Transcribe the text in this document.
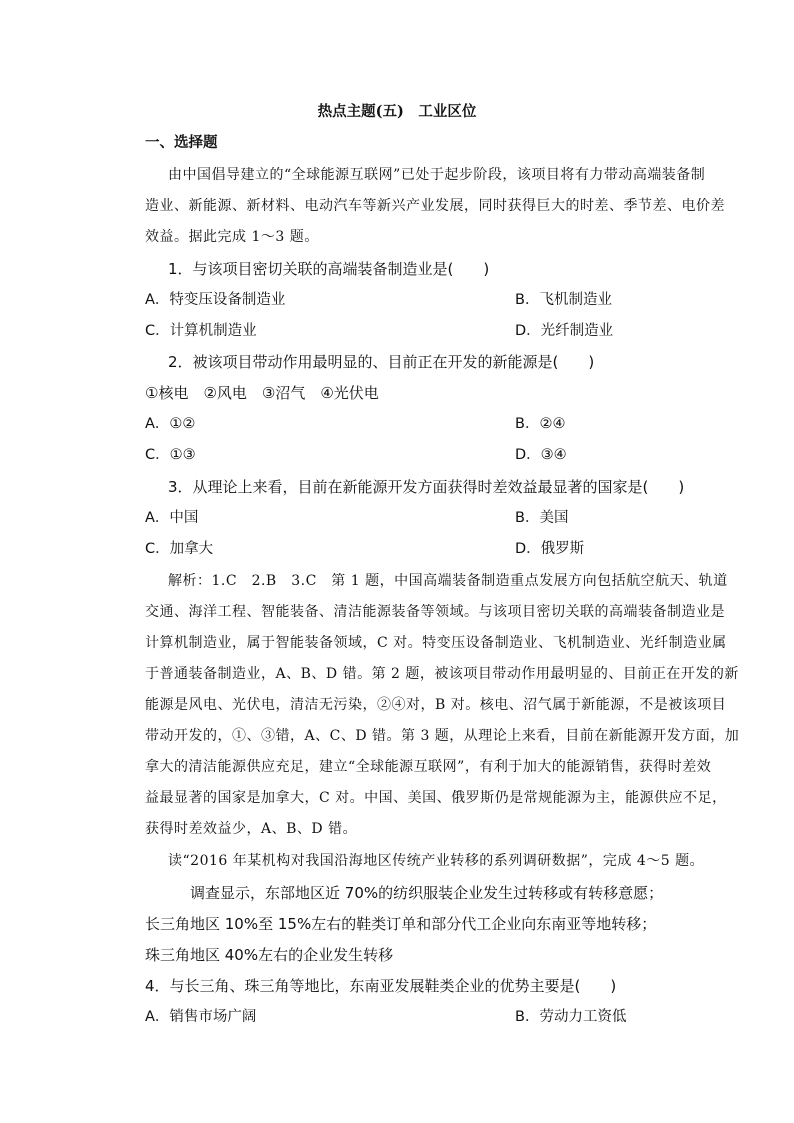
热点主题(五)　工业区位
一、选择题
由中国倡导建立的“全球能源互联网”已处于起步阶段，该项目将有力带动高端装备制
造业、新能源、新材料、电动汽车等新兴产业发展，同时获得巨大的时差、季节差、电价差
效益。据此完成 1～3 题。
1．与该项目密切关联的高端装备制造业是(　　)
A．特变压设备制造业	B．飞机制造业
C．计算机制造业	D．光纤制造业
2．被该项目带动作用最明显的、目前正在开发的新能源是(　　)
①核电　②风电　③沼气　④光伏电
A．①②	B．②④
C．①③	D．③④
3．从理论上来看，目前在新能源开发方面获得时差效益最显著的国家是(　　)
A．中国	B．美国
C．加拿大	D．俄罗斯
解析：1.C　2.B　3.C　第 1 题，中国高端装备制造重点发展方向包括航空航天、轨道
交通、海洋工程、智能装备、清洁能源装备等领域。与该项目密切关联的高端装备制造业是
计算机制造业，属于智能装备领域，C 对。特变压设备制造业、飞机制造业、光纤制造业属
于普通装备制造业，A、B、D 错。第 2 题，被该项目带动作用最明显的、目前正在开发的新
能源是风电、光伏电，清洁无污染，②④对，B 对。核电、沼气属于新能源，不是被该项目
带动开发的，①、③错，A、C、D 错。第 3 题，从理论上来看，目前在新能源开发方面，加
拿大的清洁能源供应充足，建立“全球能源互联网”，有利于加大的能源销售，获得时差效
益最显著的国家是加拿大，C 对。中国、美国、俄罗斯仍是常规能源为主，能源供应不足，
获得时差效益少，A、B、D 错。
读“2016 年某机构对我国沿海地区传统产业转移的系列调研数据”，完成 4～5 题。
调查显示，东部地区近 70%的纺织服装企业发生过转移或有转移意愿；
长三角地区 10%至 15%左右的鞋类订单和部分代工企业向东南亚等地转移；
珠三角地区 40%左右的企业发生转移
4．与长三角、珠三角等地比，东南亚发展鞋类企业的优势主要是(　　)
A．销售市场广阔	B．劳动力工资低
